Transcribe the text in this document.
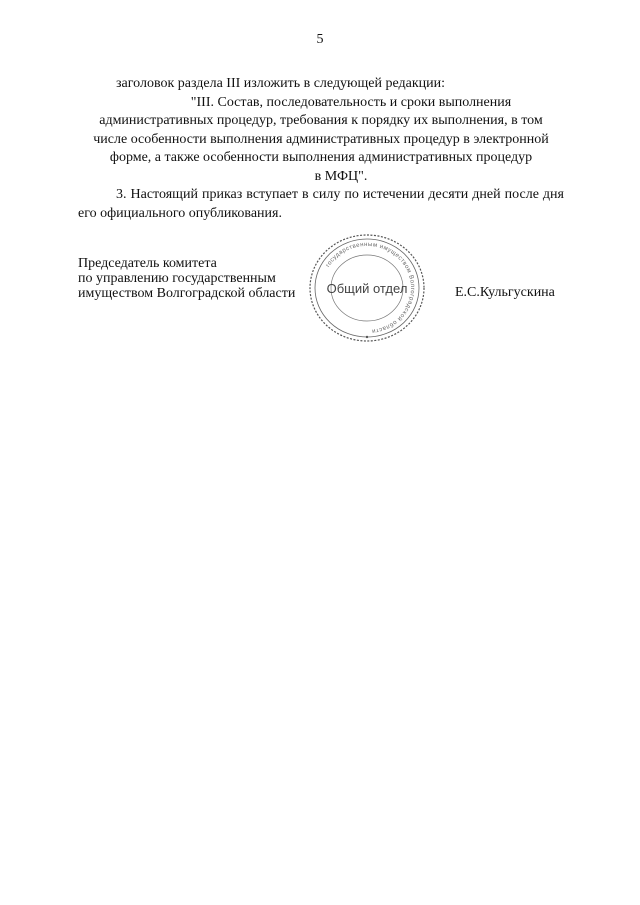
5

заголовок раздела III изложить в следующей редакции:

"III. Состав, последовательность и сроки выполнения
административных процедур, требования к порядку их выполнения, в том
числе особенности выполнения административных процедур в электронной
форме, а также особенности выполнения административных процедур
в МФЦ".

3. Настоящий приказ вступает в силу по истечении десяти дней после дня его официального опубликования.

Председатель комитета
по управлению государственным
имуществом Волгоградской области
государственным имуществом Волгоградской области
Общий отдел	Е.С.Кульгускина
